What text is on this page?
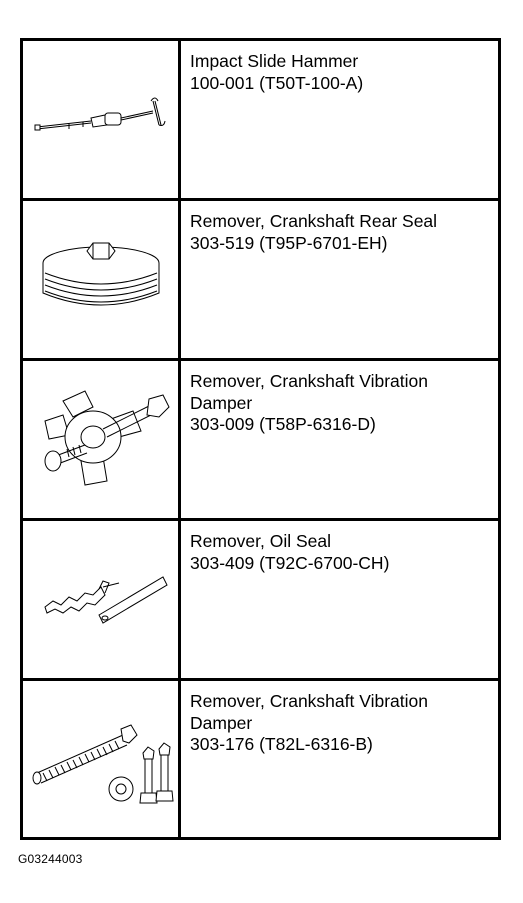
Impact Slide Hammer
100-001 (T50T-100-A)
Remover, Crankshaft Rear Seal
303-519 (T95P-6701-EH)
Remover, Crankshaft Vibration Damper
303-009 (T58P-6316-D)
Remover, Oil Seal
303-409 (T92C-6700-CH)
Remover, Crankshaft Vibration Damper
303-176 (T82L-6316-B)
G03244003
